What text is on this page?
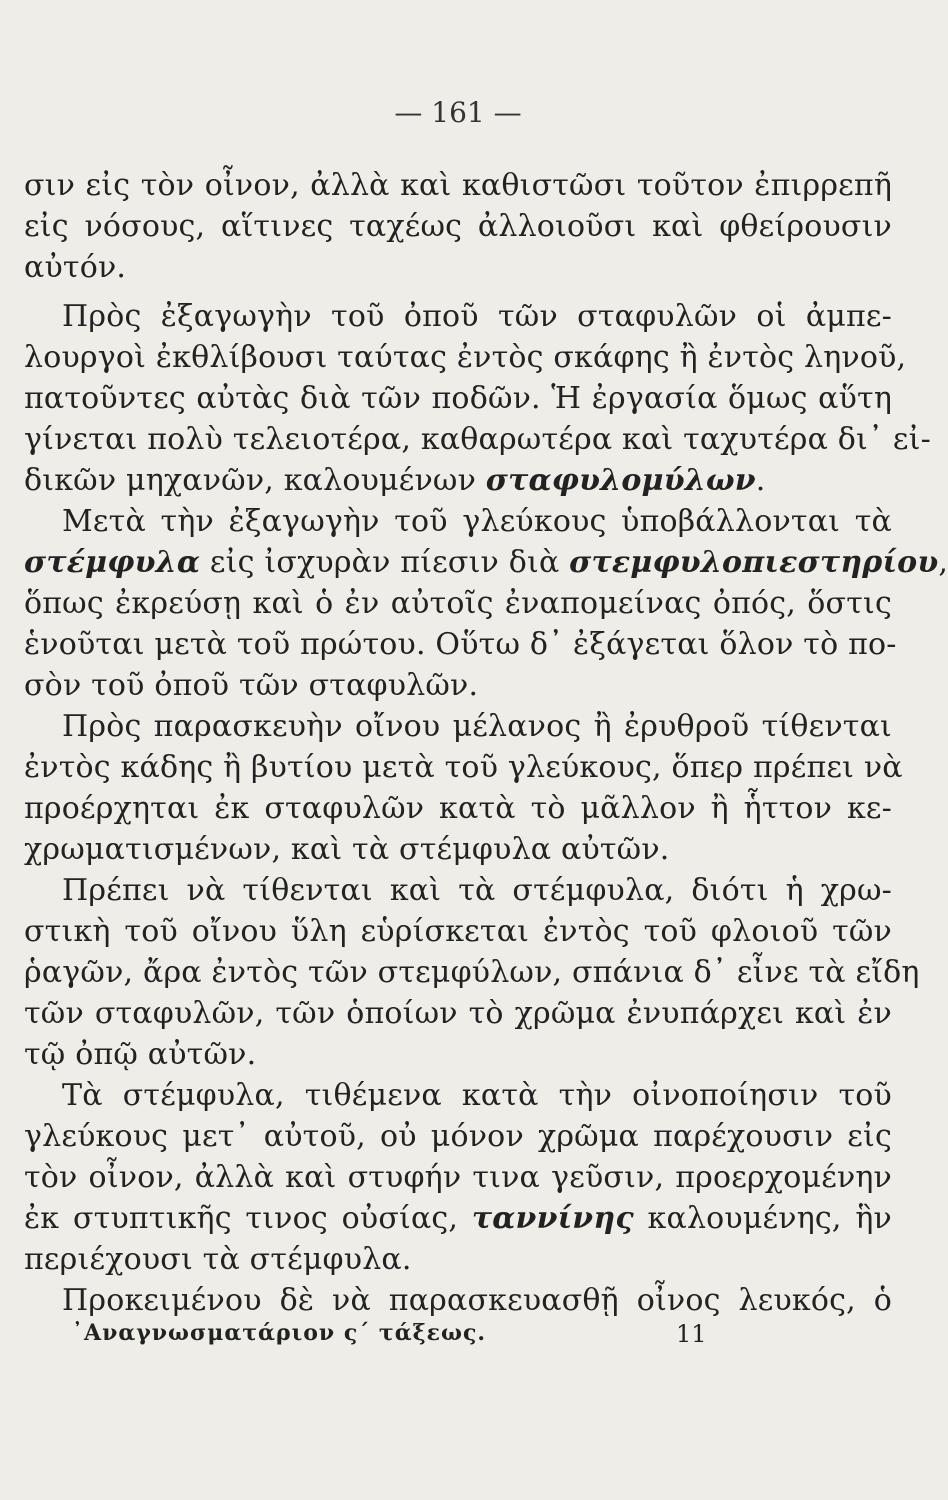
— 161 —
σιν εἰς τὸν οἶνον, ἀλλὰ καὶ καθιστῶσι τοῦτον ἐπιρρεπῆ
εἰς νόσους, αἵτινες ταχέως ἀλλοιοῦσι καὶ φθείρουσιν
αὐτόν.
Πρὸς ἐξαγωγὴν τοῦ ὀποῦ τῶν σταφυλῶν οἱ ἀμπε-
λουργοὶ ἐκθλίβουσι ταύτας ἐντὸς σκάφης ἢ ἐντὸς ληνοῦ,
πατοῦντες αὐτὰς διὰ τῶν ποδῶν. Ἡ ἐργασία ὅμως αὕτη
γίνεται πολὺ τελειοτέρα, καθαρωτέρα καὶ ταχυτέρα δι᾿ εἰ-
δικῶν μηχανῶν, καλουμένων σταφυλομύλων.
Μετὰ τὴν ἐξαγωγὴν τοῦ γλεύκους ὑποβάλλονται τὰ
στέμφυλα εἰς ἰσχυρὰν πίεσιν διὰ στεμφυλοπιεστηρίου,
ὅπως ἐκρεύσῃ καὶ ὁ ἐν αὐτοῖς ἐναπομείνας ὀπός, ὅστις
ἑνοῦται μετὰ τοῦ πρώτου. Οὕτω δ᾿ ἐξάγεται ὅλον τὸ πο-
σὸν τοῦ ὀποῦ τῶν σταφυλῶν.
Πρὸς παρασκευὴν οἴνου μέλανος ἢ ἐρυθροῦ τίθενται
ἐντὸς κάδης ἢ βυτίου μετὰ τοῦ γλεύκους, ὅπερ πρέπει νὰ
προέρχηται ἐκ σταφυλῶν κατὰ τὸ μᾶλλον ἢ ἧττον κε-
χρωματισμένων, καὶ τὰ στέμφυλα αὐτῶν.
Πρέπει νὰ τίθενται καὶ τὰ στέμφυλα, διότι ἡ χρω-
στικὴ τοῦ οἴνου ὕλη εὑρίσκεται ἐντὸς τοῦ φλοιοῦ τῶν
ῥαγῶν, ἄρα ἐντὸς τῶν στεμφύλων, σπάνια δ᾿ εἶνε τὰ εἴδη
τῶν σταφυλῶν, τῶν ὁποίων τὸ χρῶμα ἐνυπάρχει καὶ ἐν
τῷ ὀπῷ αὐτῶν.
Τὰ στέμφυλα, τιθέμενα κατὰ τὴν οἰνοποίησιν τοῦ
γλεύκους μετ᾿ αὐτοῦ, οὐ μόνον χρῶμα παρέχουσιν εἰς
τὸν οἶνον, ἀλλὰ καὶ στυφήν τινα γεῦσιν, προερχομένην
ἐκ στυπτικῆς τινος οὐσίας, ταννίνης καλουμένης, ἣν
περιέχουσι τὰ στέμφυλα.
Προκειμένου δὲ νὰ παρασκευασθῇ οἶνος λευκός, ὁ
᾿Αναγνωσματάριον ς΄ τάξεως.	11
